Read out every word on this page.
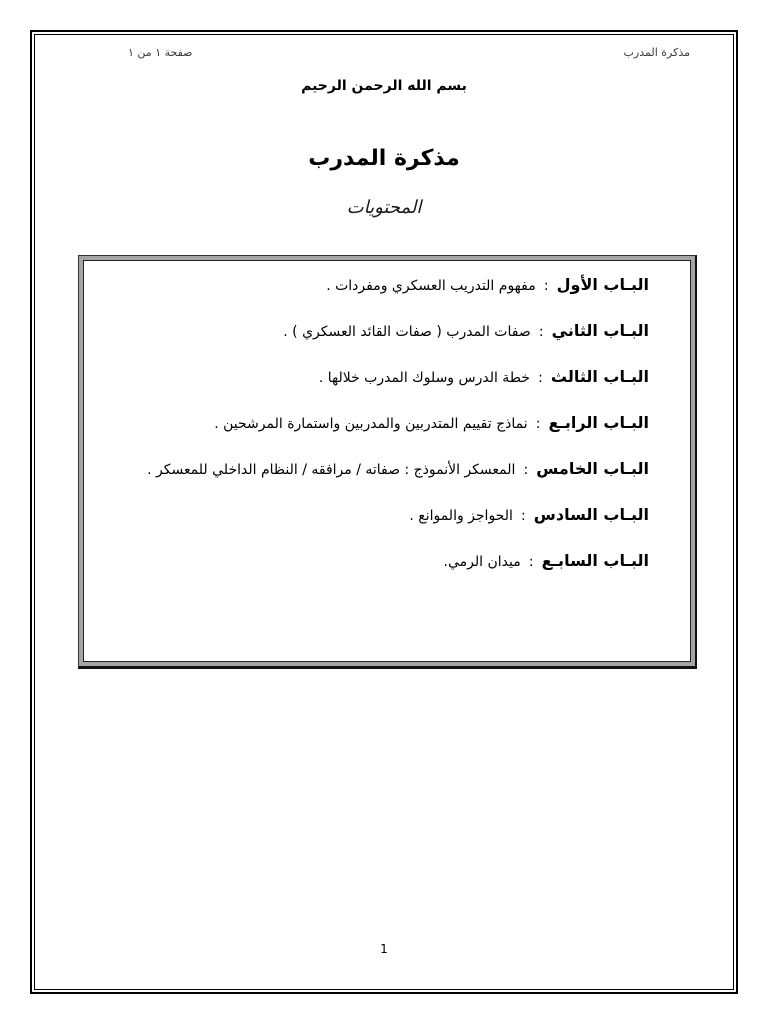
صفحة ١ من ١	مذكرة المدرب
بسم الله الرحمن الرحيم
مذكرة المدرب
المحتويات
البـاب الأول : مفهوم التدريب العسكري ومفردات .
البـاب الثاني : صفات المدرب ( صفات القائد العسكري ) .
البـاب الثالث : خطة الدرس وسلوك المدرب خلالها .
البـاب الرابـع : نماذج تقييم المتدربين والمدربين واستمارة المرشحين .
البـاب الخامس : المعسكر الأنموذج : صفاته / مرافقه / النظام الداخلي للمعسكر .
البـاب السادس : الحواجز والموانع .
البـاب السابـع : ميدان الرمي.
1
